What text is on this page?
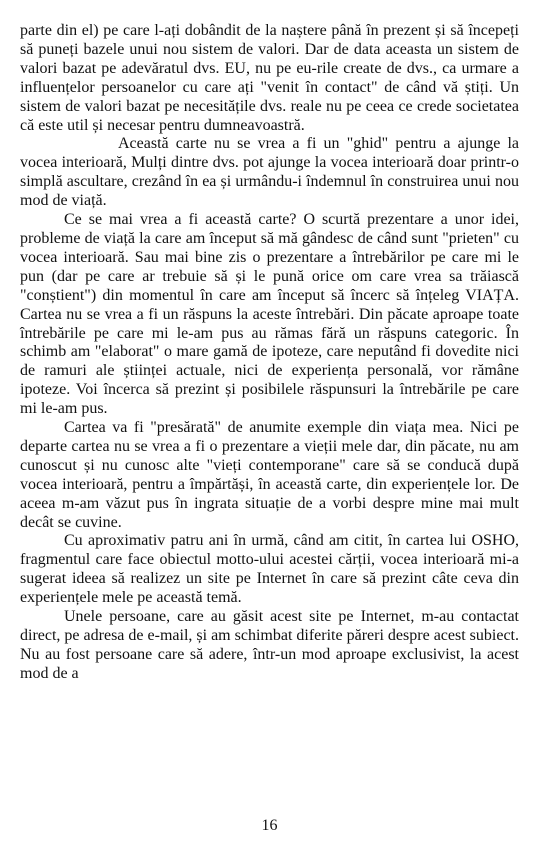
parte din el) pe care l-ați dobândit de la naștere până în prezent și să începeți să puneți bazele unui nou sistem de valori. Dar de data aceasta un sistem de valori bazat pe adevăratul dvs. EU, nu pe eu-rile create de dvs., ca urmare a influențelor persoanelor cu care ați "venit în contact" de când vă știți. Un sistem de valori bazat pe necesitățile dvs. reale nu pe ceea ce crede societatea că este util și necesar pentru dumneavoastră.

Această carte nu se vrea a fi un "ghid" pentru a ajunge la vocea interioară, Mulți dintre dvs. pot ajunge la vocea interioară doar printr-o simplă ascultare, crezând în ea și urmându-i îndemnul în construirea unui nou mod de viață.

Ce se mai vrea a fi această carte? O scurtă prezentare a unor idei, probleme de viață la care am început să mă gândesc de când sunt "prieten" cu vocea interioară. Sau mai bine zis o prezentare a întrebărilor pe care mi le pun (dar pe care ar trebuie să și le pună orice om care vrea sa trăiască "conștient") din momentul în care am început să încerc să înțeleg VIAȚA. Cartea nu se vrea a fi un răspuns la aceste întrebări. Din păcate aproape toate întrebările pe care mi le-am pus au rămas fără un răspuns categoric. În schimb am "elaborat" o mare gamă de ipoteze, care neputând fi dovedite nici de ramuri ale științei actuale, nici de experiența personală, vor rămâne ipoteze. Voi încerca să prezint și posibilele răspunsuri la întrebările pe care mi le-am pus.

Cartea va fi "presărată" de anumite exemple din viața mea. Nici pe departe cartea nu se vrea a fi o prezentare a vieții mele dar, din păcate, nu am cunoscut și nu cunosc alte "vieți contemporane" care să se conducă după vocea interioară, pentru a împărtăși, în această carte, din experiențele lor. De aceea m-am văzut pus în ingrata situație de a vorbi despre mine mai mult decât se cuvine.

Cu aproximativ patru ani în urmă, când am citit, în cartea lui OSHO, fragmentul care face obiectul motto-ului acestei cărții, vocea interioară mi-a sugerat ideea să realizez un site pe Internet în care să prezint câte ceva din experiențele mele pe această temă.

Unele persoane, care au găsit acest site pe Internet, m-au contactat direct, pe adresa de e-mail, și am schimbat diferite păreri despre acest subiect. Nu au fost persoane care să adere, într-un mod aproape exclusivist, la acest mod de a

16
